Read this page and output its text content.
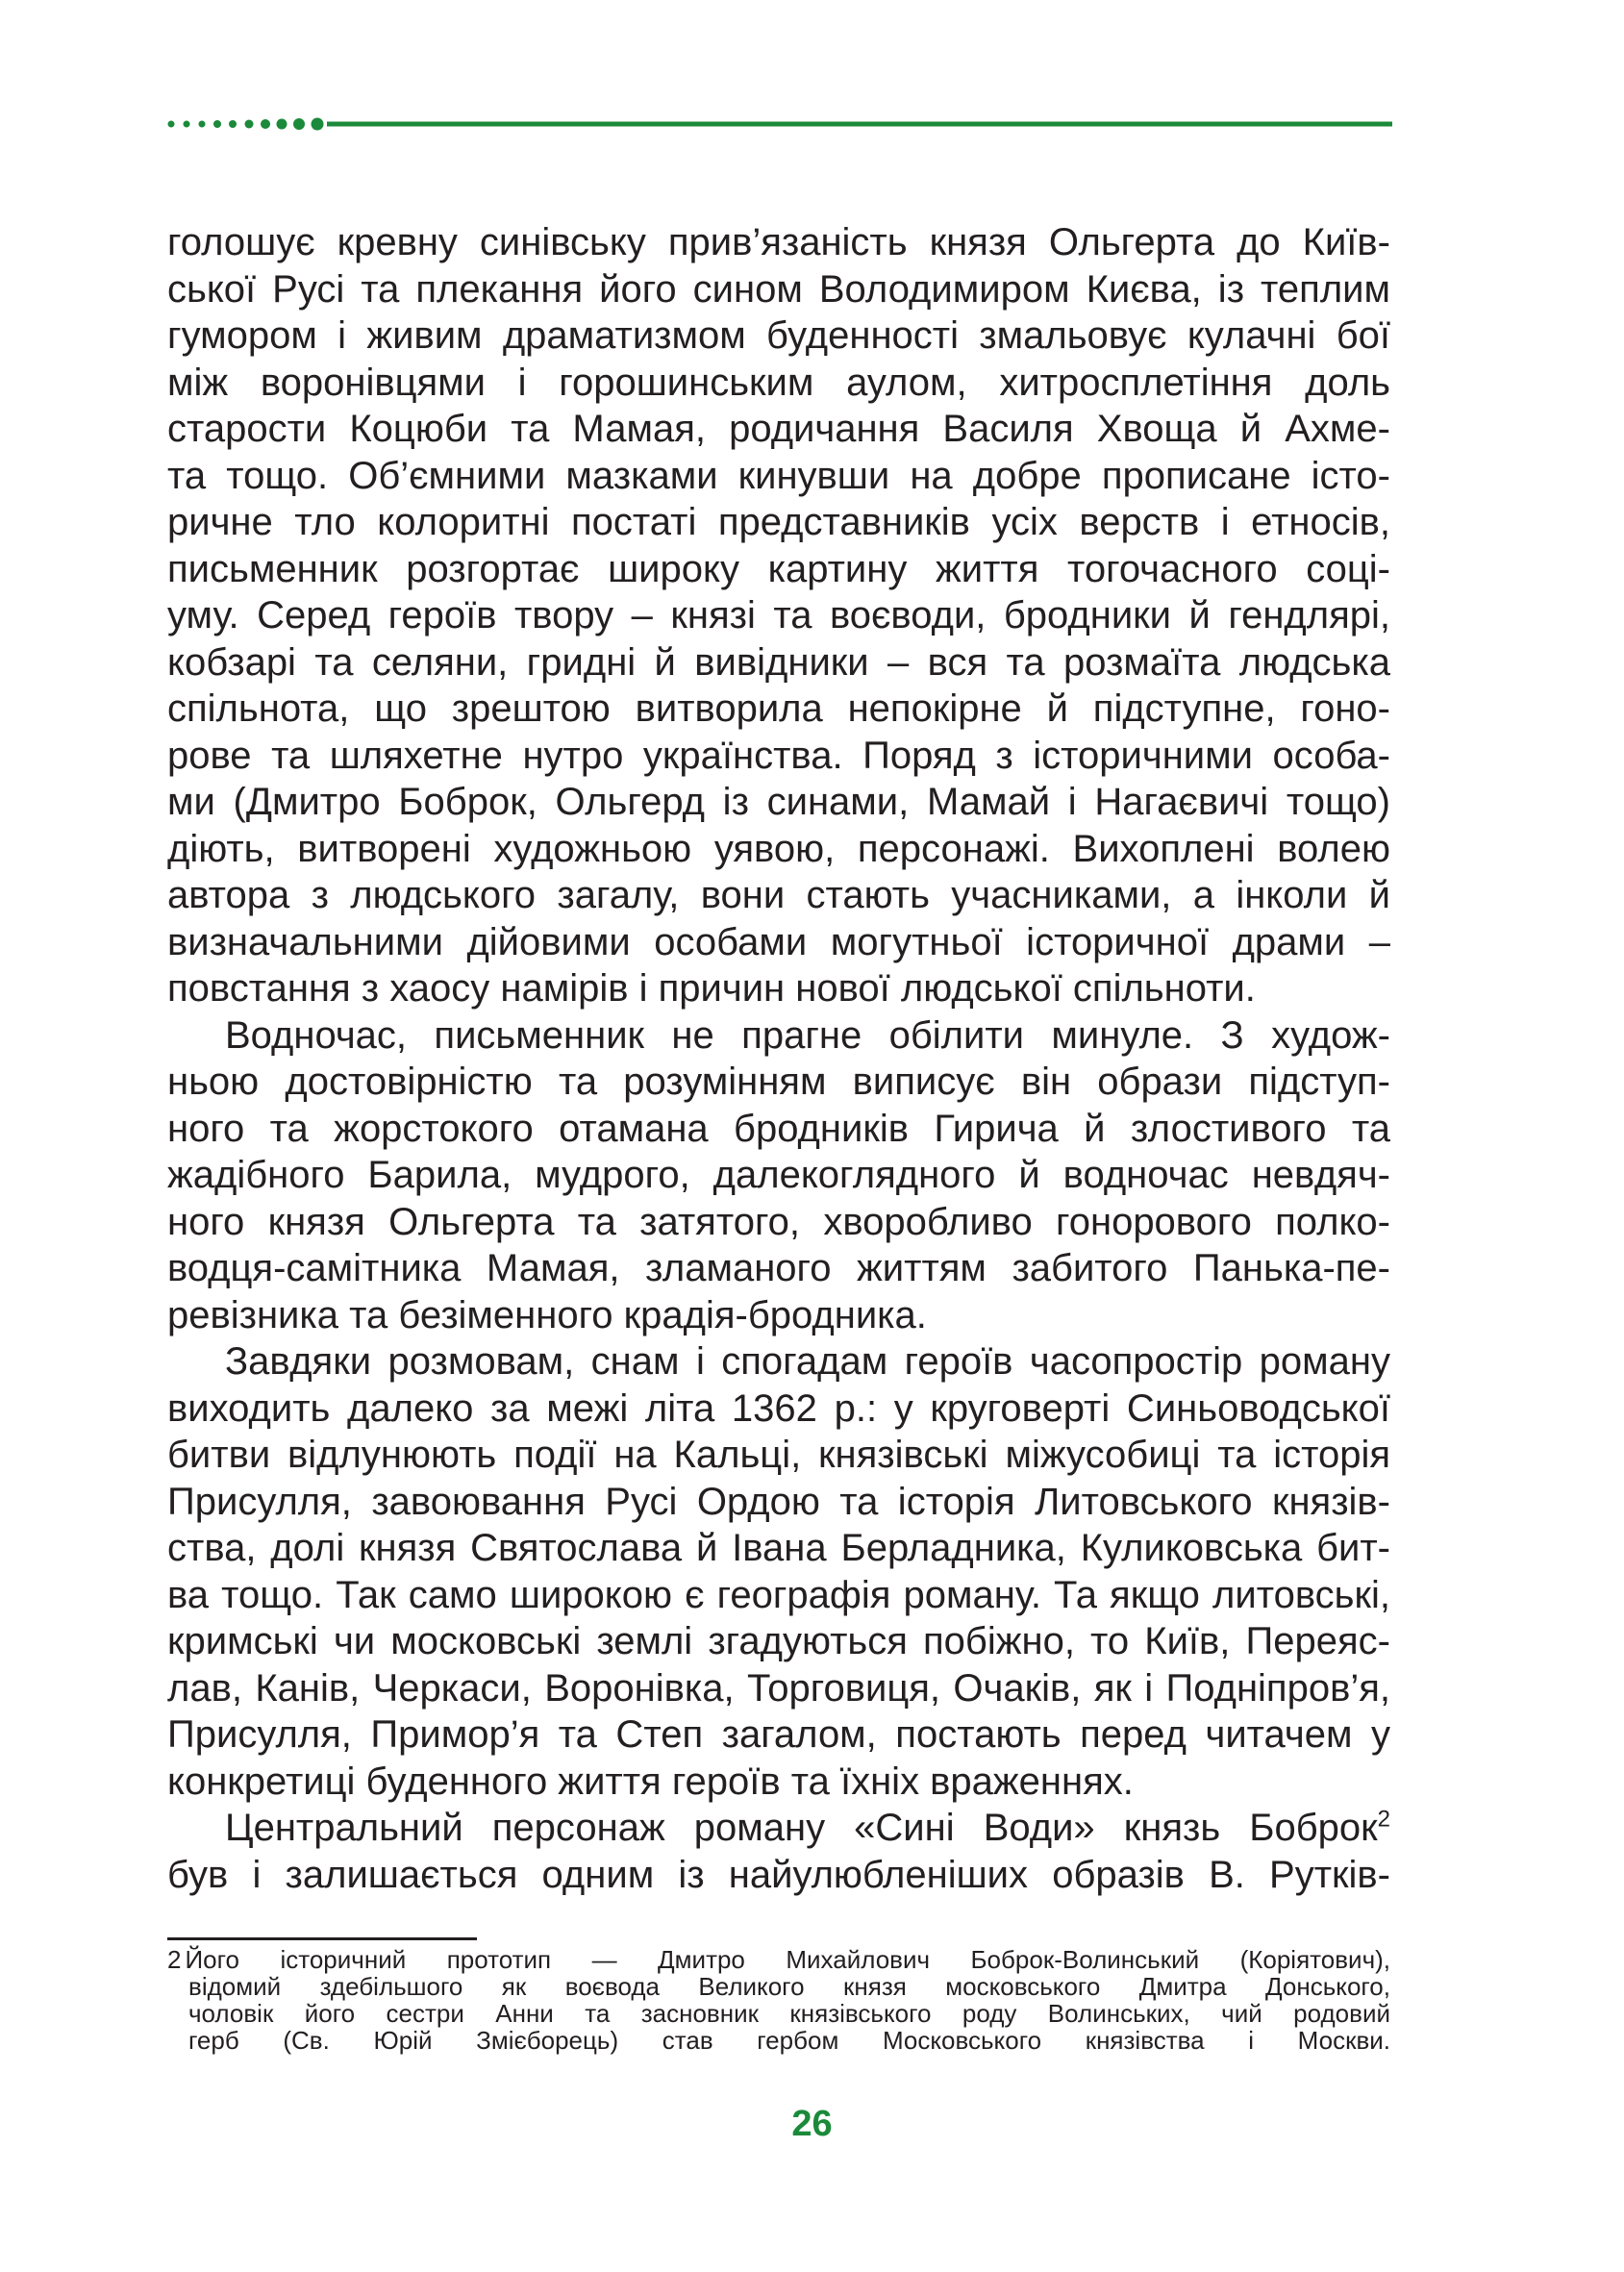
голошує кревну синівську прив’язаність князя Ольгерта до Київ-
ської Русі та плекання його сином Володимиром Києва, із теплим
гумором і живим драматизмом буденності змальовує кулачні бої
між воронівцями і горошинським аулом, хитросплетіння доль
старости Коцюби та Мамая, родичання Василя Хвоща й Ахме-
та тощо. Об’ємними мазками кинувши на добре прописане істо-
ричне тло колоритні постаті представників усіх верств і етносів,
письменник розгортає широку картину життя тогочасного соці-
уму. Серед героїв твору – князі та воєводи, бродники й гендлярі,
кобзарі та селяни, гридні й вивідники – вся та розмаїта людська
спільнота, що зрештою витворила непокірне й підступне, гоно-
рове та шляхетне нутро українства. Поряд з історичними особа-
ми (Дмитро Боброк, Ольгерд із синами, Мамай і Нагаєвичі тощо)
діють, витворені художньою уявою, персонажі. Вихоплені волею
автора з людського загалу, вони стають учасниками, а інколи й
визначальними дійовими особами могутньої історичної драми –
повстання з хаосу намірів і причин нової людської спільноти.
Водночас, письменник не прагне обілити минуле. З худож-
ньою достовірністю та розумінням виписує він образи підступ-
ного та жорстокого отамана бродників Гирича й злостивого та
жадібного Барила, мудрого, далекоглядного й водночас невдяч-
ного князя Ольгерта та затятого, хворобливо гонорового полко-
водця-самітника Мамая, зламаного життям забитого Панька-пе-
ревізника та безіменного крадія-бродника.
Завдяки розмовам, снам і спогадам героїв часопростір роману
виходить далеко за межі літа 1362 р.: у круговерті Синьоводської
битви відлунюють події на Кальці, князівські міжусобиці та історія
Присулля, завоювання Русі Ордою та історія Литовського князів-
ства, долі князя Святослава й Івана Берладника, Куликовська бит-
ва тощо. Так само широкою є географія роману. Та якщо литовські,
кримські чи московські землі згадуються побіжно, то Київ, Переяс-
лав, Канів, Черкаси, Воронівка, Торговиця, Очаків, як і Подніпров’я,
Присулля, Примор’я та Степ загалом, постають перед читачем у
конкретиці буденного життя героїв та їхніх враженнях.
Центральний персонаж роману «Сині Води» князь Боброк$^2$
був і залишається одним із найулюбленіших образів В. Рутків-
2 Його історичний прототип — Дмитро Михайлович Боброк-Волинський (Коріятович),
відомий здебільшого як воєвода Великого князя московського Дмитра Донського,
чоловік його сестри Анни та засновник князівського роду Волинських, чий родовий
герб (Св. Юрій Змієборець) став гербом Московського князівства і Москви.
26
